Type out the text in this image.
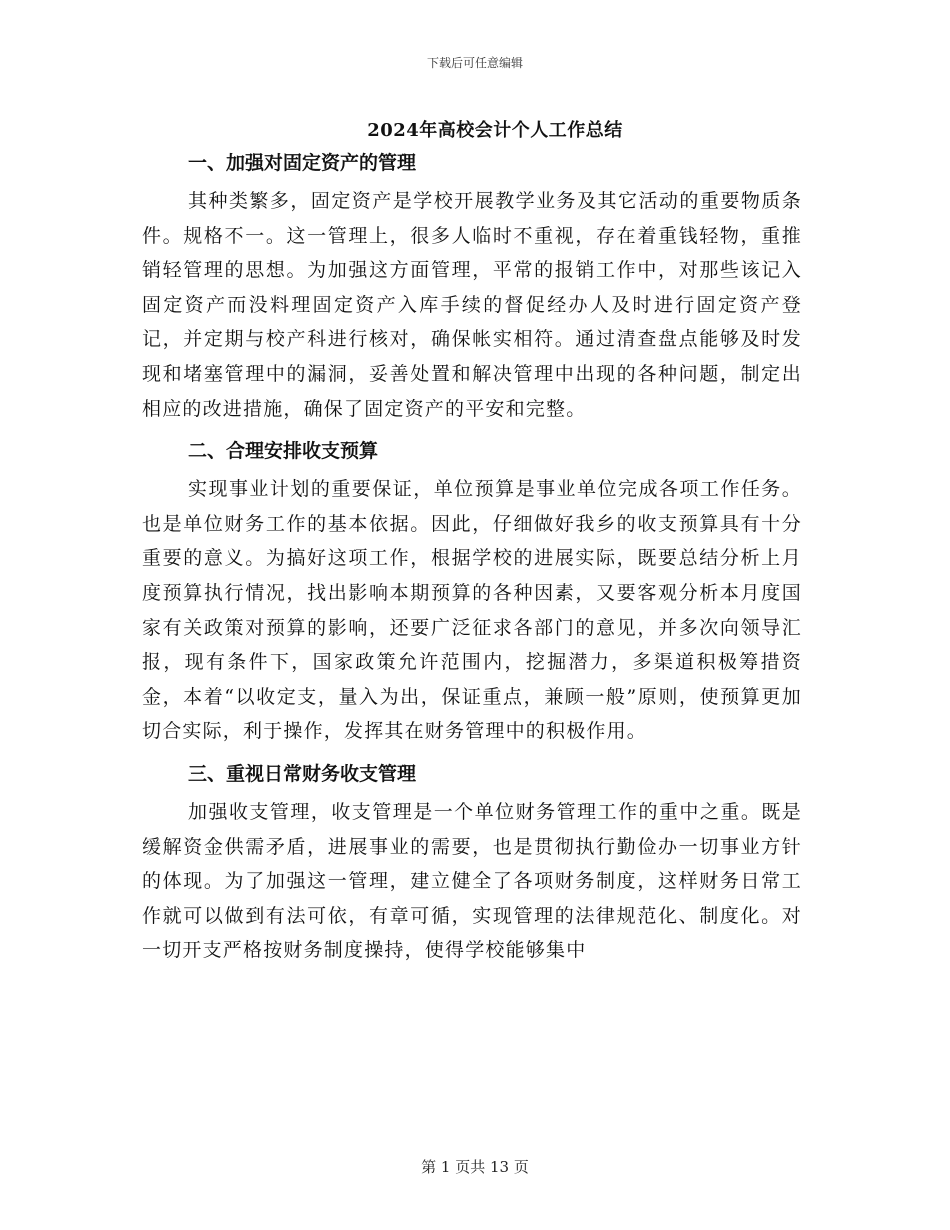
下载后可任意编辑
2024年高校会计个人工作总结
一、加强对固定资产的管理

其种类繁多，固定资产是学校开展教学业务及其它活动的重要物质条件。规格不一。这一管理上，很多人临时不重视，存在着重钱轻物，重推销轻管理的思想。为加强这方面管理，平常的报销工作中，对那些该记入固定资产而没料理固定资产入库手续的督促经办人及时进行固定资产登记，并定期与校产科进行核对，确保帐实相符。通过清查盘点能够及时发现和堵塞管理中的漏洞，妥善处置和解决管理中出现的各种问题，制定出相应的改进措施，确保了固定资产的平安和完整。

二、合理安排收支预算

实现事业计划的重要保证，单位预算是事业单位完成各项工作任务。也是单位财务工作的基本依据。因此，仔细做好我乡的收支预算具有十分重要的意义。为搞好这项工作，根据学校的进展实际，既要总结分析上月度预算执行情况，找出影响本期预算的各种因素，又要客观分析本月度国家有关政策对预算的影响，还要广泛征求各部门的意见，并多次向领导汇报，现有条件下，国家政策允许范围内，挖掘潜力，多渠道积极筹措资金，本着“以收定支，量入为出，保证重点，兼顾一般”原则，使预算更加切合实际，利于操作，发挥其在财务管理中的积极作用。

三、重视日常财务收支管理

加强收支管理，收支管理是一个单位财务管理工作的重中之重。既是缓解资金供需矛盾，进展事业的需要，也是贯彻执行勤俭办一切事业方针的体现。为了加强这一管理，建立健全了各项财务制度，这样财务日常工作就可以做到有法可依，有章可循，实现管理的法律规范化、制度化。对一切开支严格按财务制度操持，使得学校能够集中

第 1 页共 13 页
